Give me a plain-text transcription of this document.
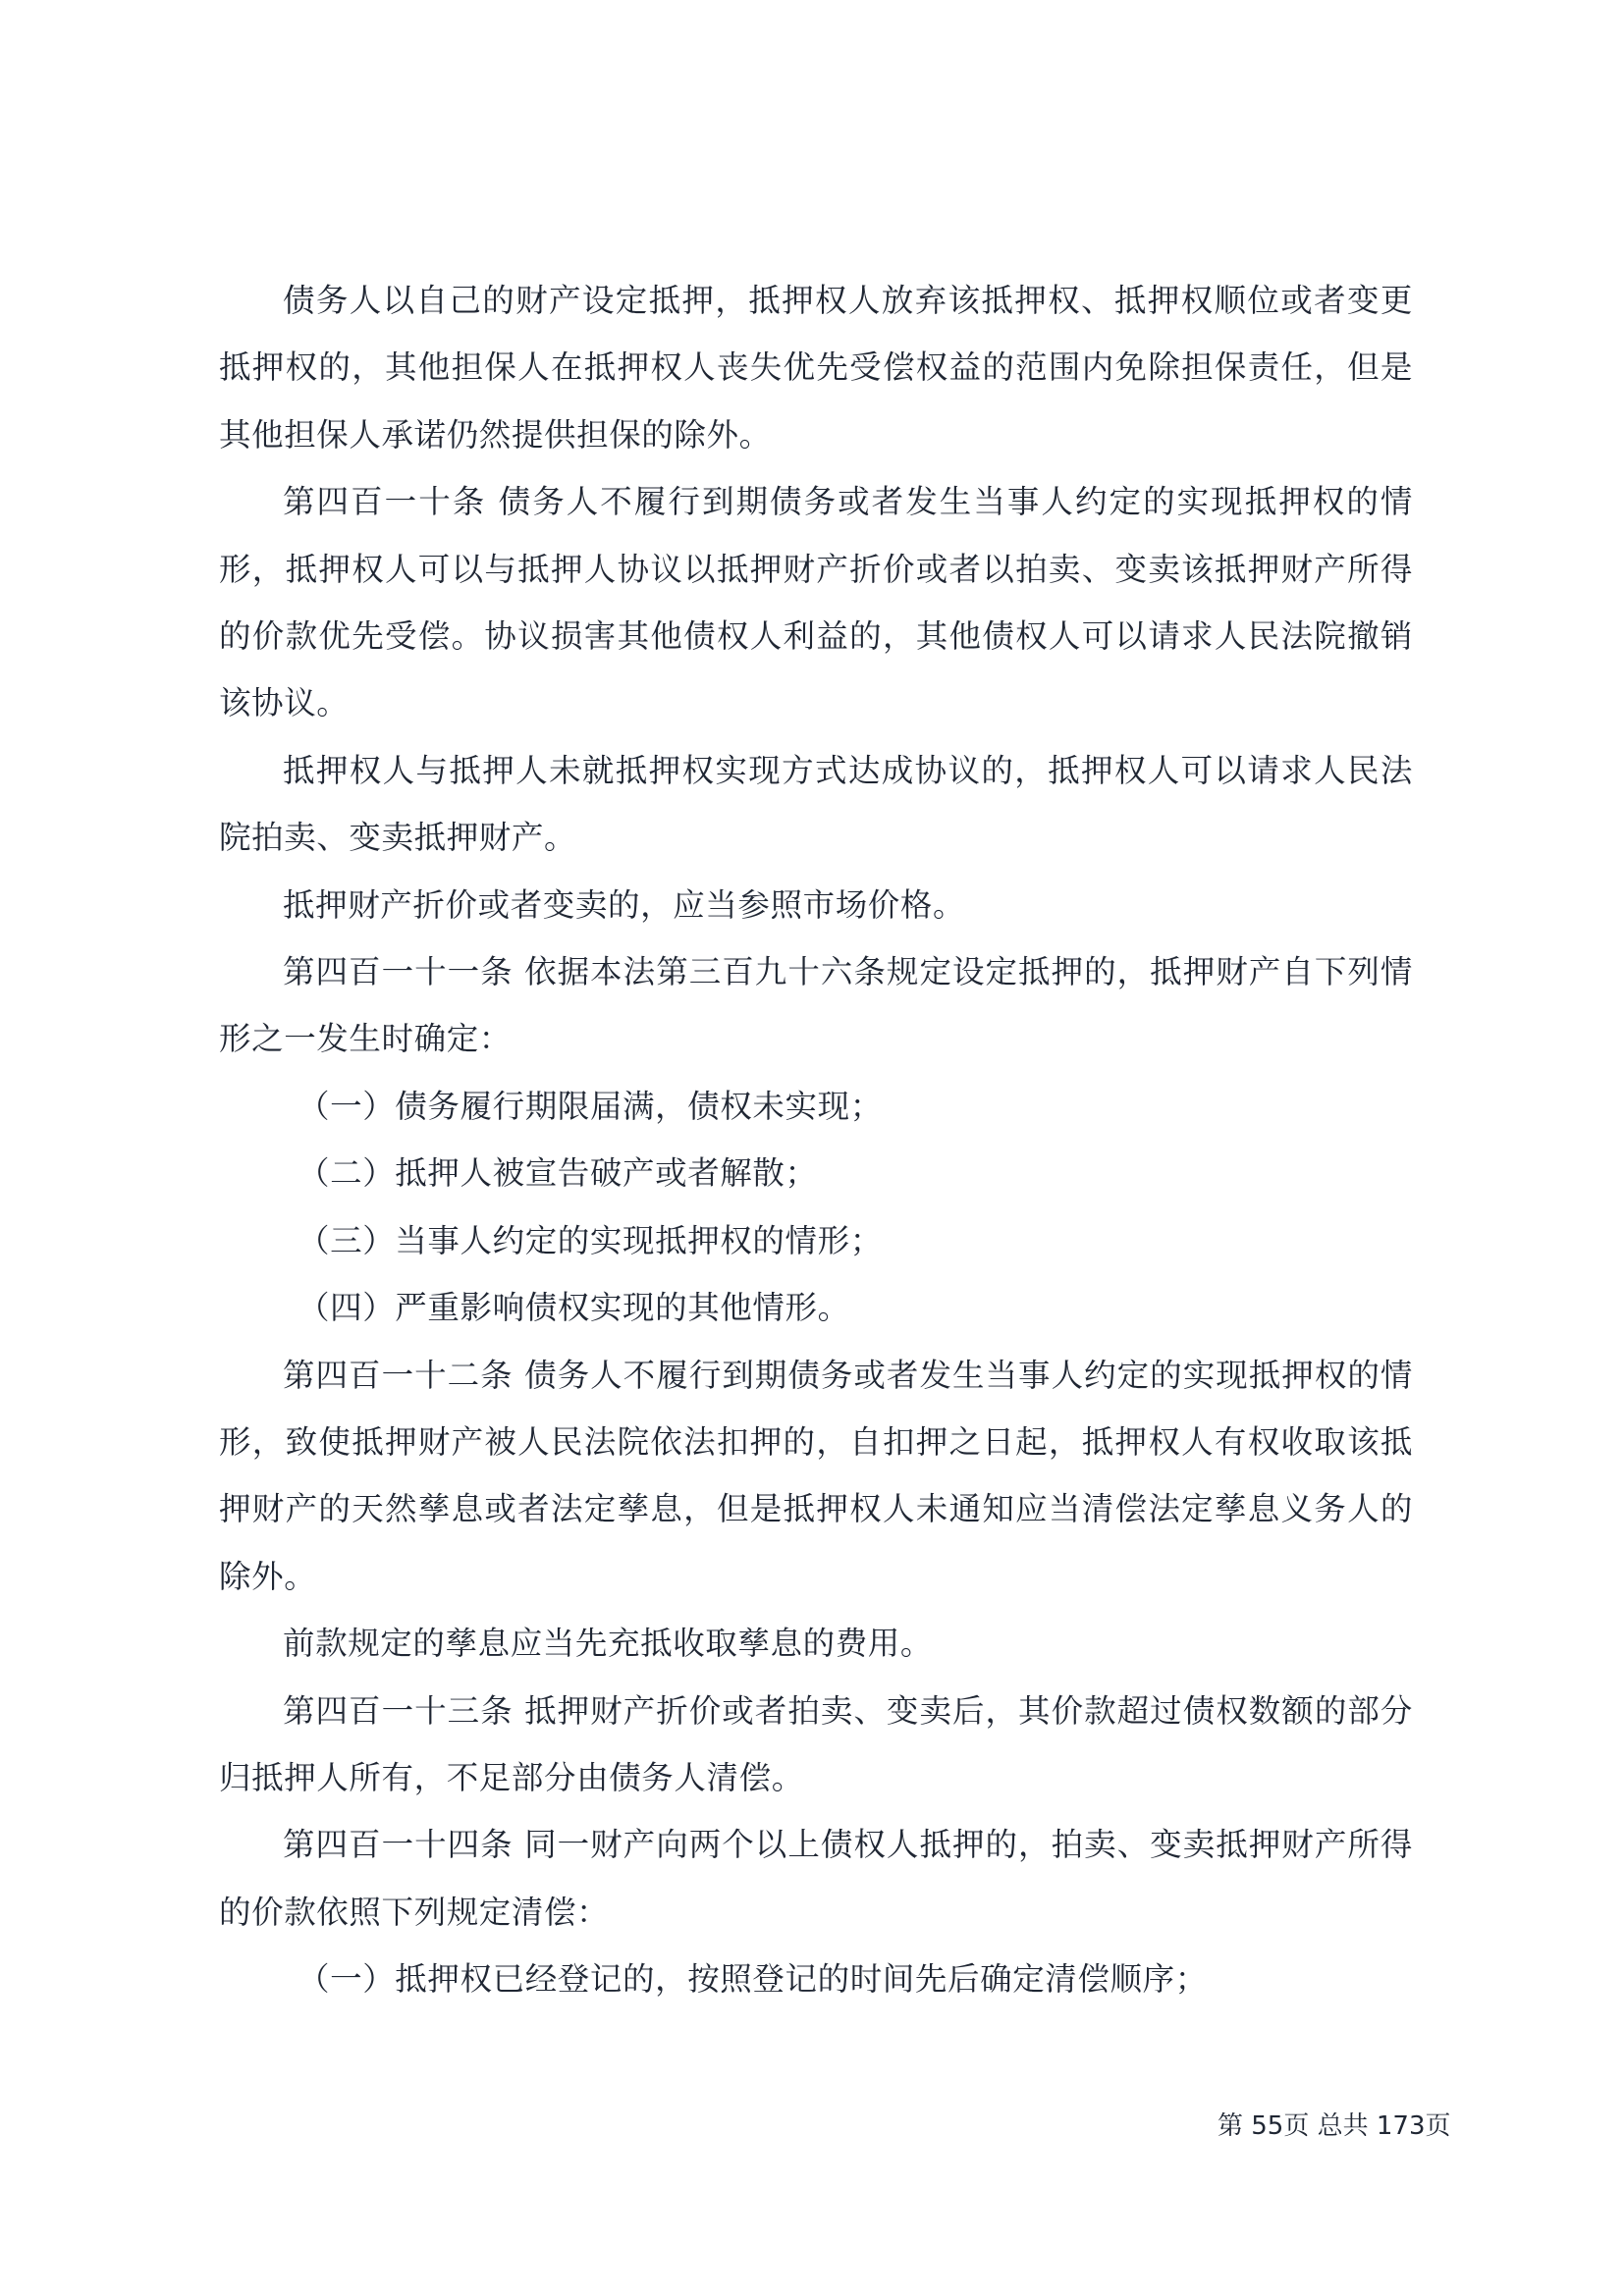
债务人以自己的财产设定抵押，抵押权人放弃该抵押权、抵押权顺位或者变更抵押权的，其他担保人在抵押权人丧失优先受偿权益的范围内免除担保责任，但是其他担保人承诺仍然提供担保的除外。

第四百一十条 债务人不履行到期债务或者发生当事人约定的实现抵押权的情形，抵押权人可以与抵押人协议以抵押财产折价或者以拍卖、变卖该抵押财产所得的价款优先受偿。协议损害其他债权人利益的，其他债权人可以请求人民法院撤销该协议。

抵押权人与抵押人未就抵押权实现方式达成协议的，抵押权人可以请求人民法院拍卖、变卖抵押财产。

抵押财产折价或者变卖的，应当参照市场价格。

第四百一十一条 依据本法第三百九十六条规定设定抵押的，抵押财产自下列情形之一发生时确定：

（一）债务履行期限届满，债权未实现；

（二）抵押人被宣告破产或者解散；

（三）当事人约定的实现抵押权的情形；

（四）严重影响债权实现的其他情形。

第四百一十二条 债务人不履行到期债务或者发生当事人约定的实现抵押权的情形，致使抵押财产被人民法院依法扣押的，自扣押之日起，抵押权人有权收取该抵押财产的天然孳息或者法定孳息，但是抵押权人未通知应当清偿法定孳息义务人的除外。

前款规定的孳息应当先充抵收取孳息的费用。

第四百一十三条 抵押财产折价或者拍卖、变卖后，其价款超过债权数额的部分归抵押人所有，不足部分由债务人清偿。

第四百一十四条 同一财产向两个以上债权人抵押的，拍卖、变卖抵押财产所得的价款依照下列规定清偿：

（一）抵押权已经登记的，按照登记的时间先后确定清偿顺序；

第 55页 总共 173页
